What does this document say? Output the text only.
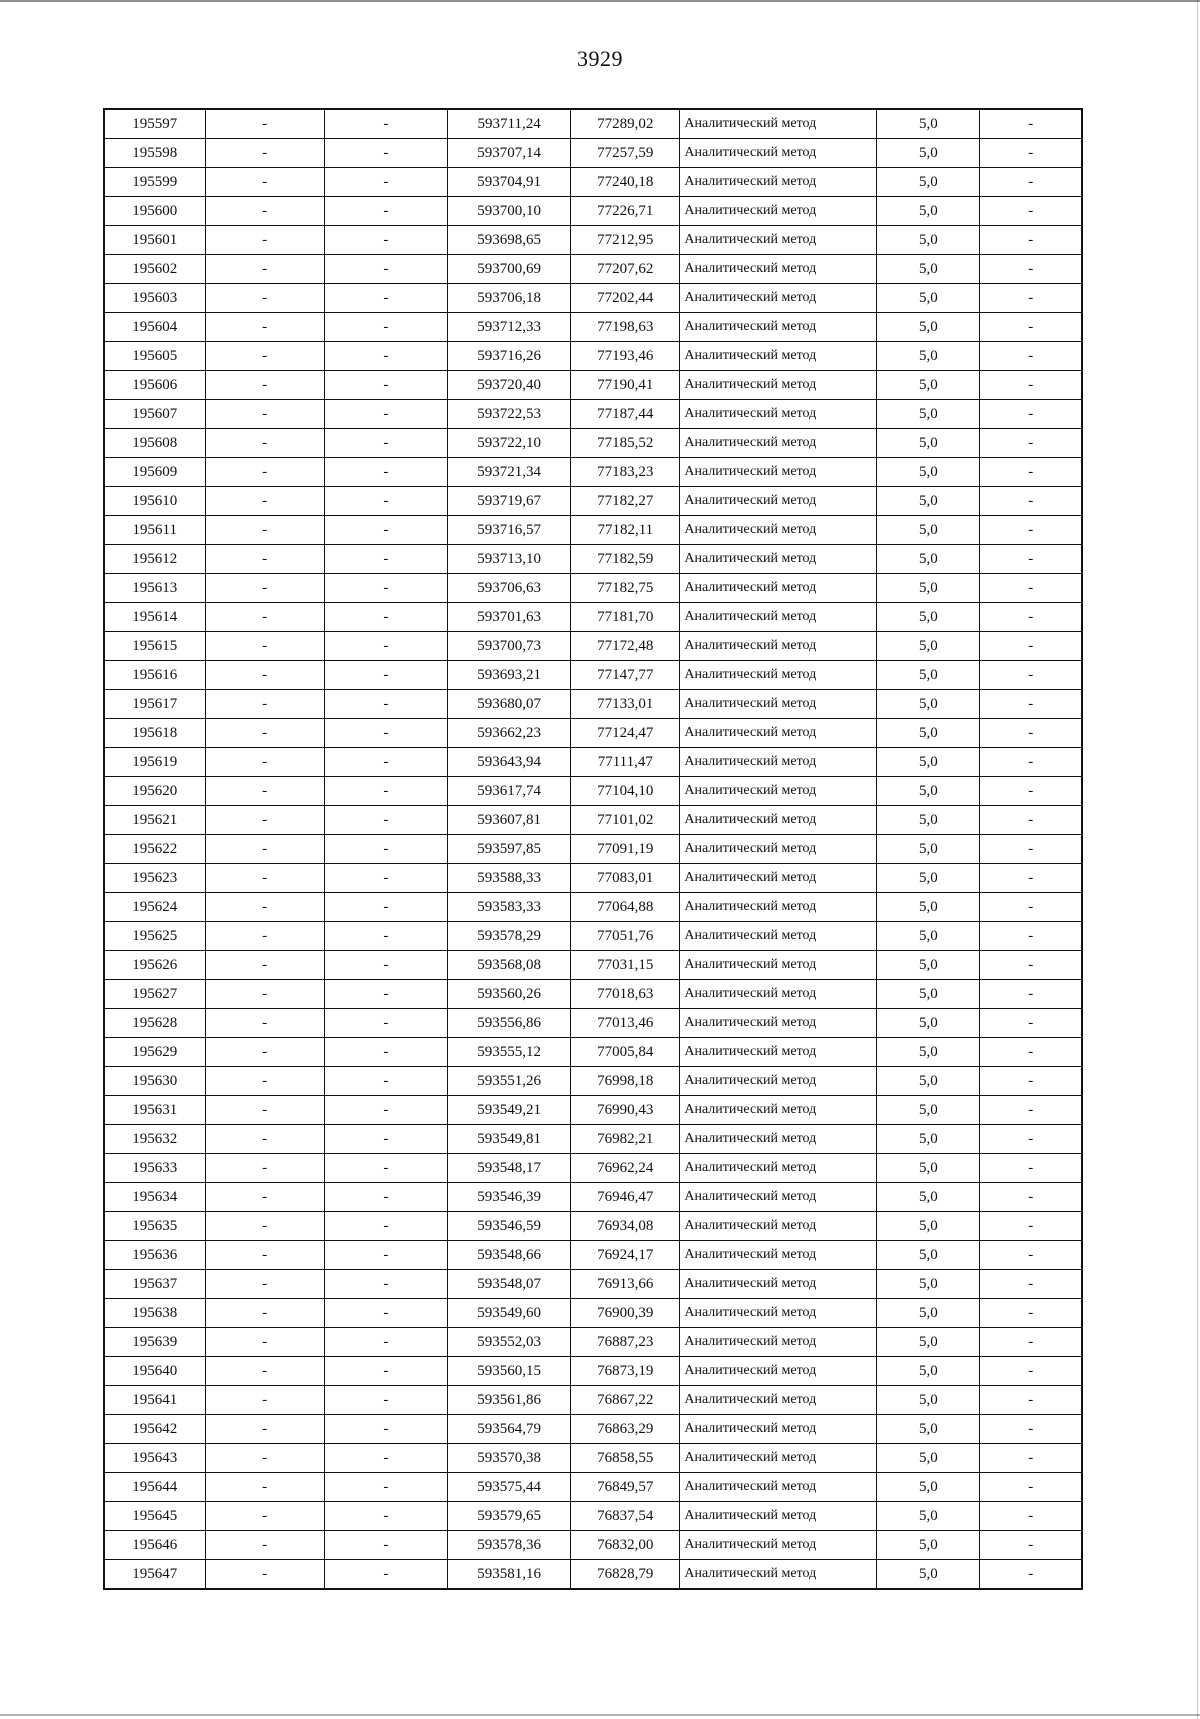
3929
195597	-	-	593711,24	77289,02	Аналитический метод	5,0	-
195598	-	-	593707,14	77257,59	Аналитический метод	5,0	-
195599	-	-	593704,91	77240,18	Аналитический метод	5,0	-
195600	-	-	593700,10	77226,71	Аналитический метод	5,0	-
195601	-	-	593698,65	77212,95	Аналитический метод	5,0	-
195602	-	-	593700,69	77207,62	Аналитический метод	5,0	-
195603	-	-	593706,18	77202,44	Аналитический метод	5,0	-
195604	-	-	593712,33	77198,63	Аналитический метод	5,0	-
195605	-	-	593716,26	77193,46	Аналитический метод	5,0	-
195606	-	-	593720,40	77190,41	Аналитический метод	5,0	-
195607	-	-	593722,53	77187,44	Аналитический метод	5,0	-
195608	-	-	593722,10	77185,52	Аналитический метод	5,0	-
195609	-	-	593721,34	77183,23	Аналитический метод	5,0	-
195610	-	-	593719,67	77182,27	Аналитический метод	5,0	-
195611	-	-	593716,57	77182,11	Аналитический метод	5,0	-
195612	-	-	593713,10	77182,59	Аналитический метод	5,0	-
195613	-	-	593706,63	77182,75	Аналитический метод	5,0	-
195614	-	-	593701,63	77181,70	Аналитический метод	5,0	-
195615	-	-	593700,73	77172,48	Аналитический метод	5,0	-
195616	-	-	593693,21	77147,77	Аналитический метод	5,0	-
195617	-	-	593680,07	77133,01	Аналитический метод	5,0	-
195618	-	-	593662,23	77124,47	Аналитический метод	5,0	-
195619	-	-	593643,94	77111,47	Аналитический метод	5,0	-
195620	-	-	593617,74	77104,10	Аналитический метод	5,0	-
195621	-	-	593607,81	77101,02	Аналитический метод	5,0	-
195622	-	-	593597,85	77091,19	Аналитический метод	5,0	-
195623	-	-	593588,33	77083,01	Аналитический метод	5,0	-
195624	-	-	593583,33	77064,88	Аналитический метод	5,0	-
195625	-	-	593578,29	77051,76	Аналитический метод	5,0	-
195626	-	-	593568,08	77031,15	Аналитический метод	5,0	-
195627	-	-	593560,26	77018,63	Аналитический метод	5,0	-
195628	-	-	593556,86	77013,46	Аналитический метод	5,0	-
195629	-	-	593555,12	77005,84	Аналитический метод	5,0	-
195630	-	-	593551,26	76998,18	Аналитический метод	5,0	-
195631	-	-	593549,21	76990,43	Аналитический метод	5,0	-
195632	-	-	593549,81	76982,21	Аналитический метод	5,0	-
195633	-	-	593548,17	76962,24	Аналитический метод	5,0	-
195634	-	-	593546,39	76946,47	Аналитический метод	5,0	-
195635	-	-	593546,59	76934,08	Аналитический метод	5,0	-
195636	-	-	593548,66	76924,17	Аналитический метод	5,0	-
195637	-	-	593548,07	76913,66	Аналитический метод	5,0	-
195638	-	-	593549,60	76900,39	Аналитический метод	5,0	-
195639	-	-	593552,03	76887,23	Аналитический метод	5,0	-
195640	-	-	593560,15	76873,19	Аналитический метод	5,0	-
195641	-	-	593561,86	76867,22	Аналитический метод	5,0	-
195642	-	-	593564,79	76863,29	Аналитический метод	5,0	-
195643	-	-	593570,38	76858,55	Аналитический метод	5,0	-
195644	-	-	593575,44	76849,57	Аналитический метод	5,0	-
195645	-	-	593579,65	76837,54	Аналитический метод	5,0	-
195646	-	-	593578,36	76832,00	Аналитический метод	5,0	-
195647	-	-	593581,16	76828,79	Аналитический метод	5,0	-
